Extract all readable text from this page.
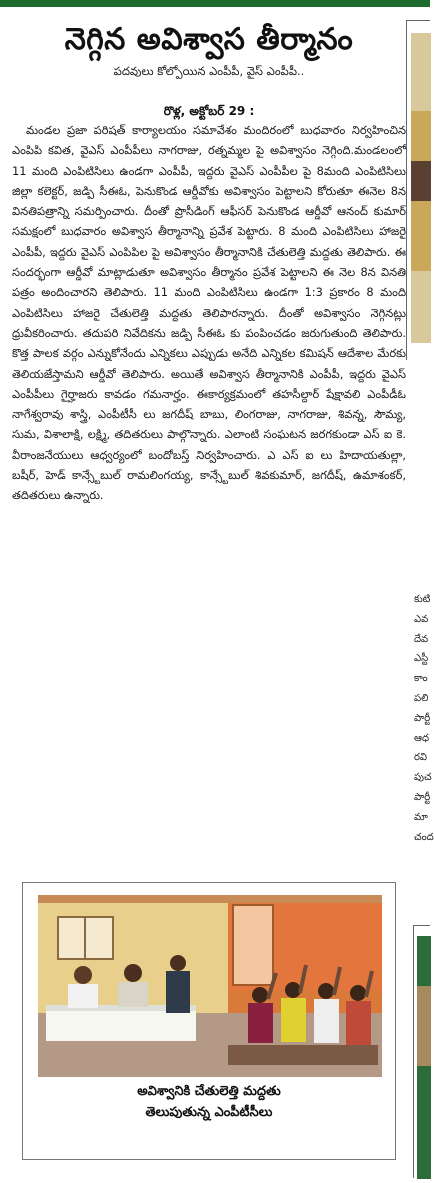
నెగ్గిన అవిశ్వాస తీర్మానం
పదవులు కోల్పోయిన ఎంపీపీ, వైస్ ఎంపీపీ..
రొళ్ల, అక్టోబర్ 29 :

మండల ప్రజా పరిషత్ కార్యాలయం సమావేశం మందిరంలో బుధవారం నిర్వహించిన ఎంపిపి కవిత, వైఎస్ ఎంపీపీలు నాగరాజు, రత్నమ్మల పై అవిశ్వాసం నెగ్గింది.మండలంలో 11 మంది ఎంపిటిసిలు ఉండగా ఎంపీపీ, ఇద్దరు వైఎస్ ఎంపీపీల పై 8మంది ఎంపిటిసిలు జిల్లా కలెక్టర్, జడ్పి సీఈఓ, పెనుకొండ ఆర్డీవోకు అవిశ్వాసం పెట్టాలని కోరుతూ ఈనెల 8న వినతిపత్రాన్ని సమర్పించారు. దీంతో ప్రొసీడింగ్ ఆఫీసర్ పెనుకొండ ఆర్డీవో ఆనంద్ కుమార్ సమక్షంలో బుధవారం అవిశ్వాస తీర్మానాన్ని ప్రవేశ పెట్టారు. 8 మంది ఎంపిటిసిలు హాజరై ఎంపీపీ, ఇద్దరు వైఎస్ ఎంపిపిల పై అవిశ్వాసం తీర్మానానికి చేతులెత్తి మద్దతు తెలిపారు. ఈ సందర్భంగా ఆర్డీవో మాట్లాడుతూ అవిశ్వాసం తీర్మానం ప్రవేశ పెట్టాలని ఈ నెల 8న వినతి పత్రం అందించారని తెలిపారు. 11 మంది ఎంపిటిసిలు ఉండగా 1:3 ప్రకారం 8 మంది ఎంపిటిసిలు హాజరై చేతులెత్తి మద్దతు తెలిపారన్నారు. దీంతో అవిశ్వాసం నెగ్గినట్లు ధ్రువీకరించారు. తదుపరి నివేదికను జడ్పి సీఈఓ కు పంపించడం జరుగుతుంది తెలిపారు. కొత్త పాలక వర్గం ఎన్నుకోనేందు ఎన్నికలు ఎప్పుడు అనేది ఎన్నికల కమిషన్ ఆదేశాల మేరకు తెలియజేస్తామని ఆర్డీవో తెలిపారు. అయితే అవిశ్వాస తీర్మానానికి ఎంపీపీ, ఇద్దరు వైఎస్ ఎంపీపీలు గైర్హాజరు కావడం గమనార్హం. ఈకార్యక్రమంలో తహసీల్దార్ షేక్షావలి ఎంపీడీఓ నాగేశ్వరావు శాస్త్రి, ఎంపీటీసీ లు జగదీష్ బాబు, లింగరాజు, నాగరాజు, శివన్న, సౌమ్య, సుమ, విశాలాక్షి, లక్ష్మి, తదితరులు పాల్గొన్నారు. ఎలాంటి సంఘటన జరగకుండా ఎస్ ఐ కె. వీరాంజనేయులు ఆధ్వర్యంలో బందోబస్త్ నిర్వహించారు. ఎ ఎస్ ఐ లు హిదాయతుల్లా, బషీర్, హెడ్ కాన్స్టేబుల్ రామలింగయ్య, కాన్స్టేబుల్ శివకుమార్, జగదీష్, ఉమాశంకర్, తదితరులు ఉన్నారు.

అవిశ్వానికి చేతులెత్తి మద్దతు
తెలుపుతున్న ఎంపీటీసీలు
కుటి
ఎవ
దేవ
ఎస్టీ
కాం
పలి
పార్టీ
ఆధ
రవి
పుచ
పార్టీ
మా
చంద
